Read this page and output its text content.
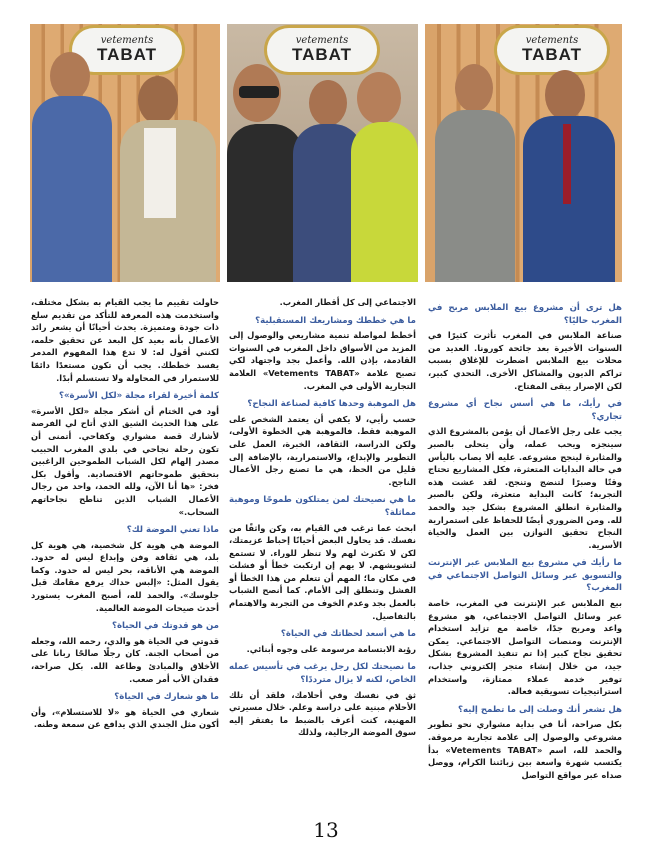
vetements
TABAT
vetements
TABAT
vetements
TABAT

هل ترى أن مشروع بيع الملابس مربح في المغرب حاليًا؟

صناعة الملابس في المغرب تأثرت كثيرًا في السنوات الأخيرة بعد جائحة كورونا. العديد من محلات بيع الملابس اضطرت للإغلاق بسبب تراكم الديون والمشاكل الأخرى. التحدي كبير، لكن الإصرار يبقى المفتاح.

في رأيك، ما هي أسس نجاح أي مشروع تجاري؟

يجب على رجل الأعمال أن يؤمن بالمشروع الذي سينجزه ويحب عمله، وأن يتحلى بالصبر والمثابرة لينجح مشروعه. عليه ألا يصاب باليأس في حالة البدايات المتعثرة، فكل المشاريع تحتاج وقتًا وصبرًا لتنضج وتنجح. لقد عشت هذه التجربة؛ كانت البداية متعثرة، ولكن بالصبر والمثابرة انطلق المشروع بشكل جيد والحمد لله. ومن الضروري أيضًا للحفاظ على استمرارية النجاح تحقيق التوازن بين العمل والحياة الأسرية.

ما رأيك في مشروع بيع الملابس عبر الإنترنت والتسويق عبر وسائل التواصل الاجتماعي في المغرب؟

بيع الملابس عبر الإنترنت في المغرب، خاصة عبر وسائل التواصل الاجتماعي، هو مشروع واعد ومربح جدًا، خاصة مع تزايد استخدام الإنترنت ومنصات التواصل الاجتماعي. يمكن تحقيق نجاح كبير إذا تم تنفيذ المشروع بشكل جيد، من خلال إنشاء متجر إلكتروني جذاب، توفير خدمة عملاء ممتازة، واستخدام استراتيجيات تسويقية فعالة.

هل تشعر أنك وصلت إلى ما تطمح إليه؟

بكل صراحة، أنا في بداية مشواري نحو تطوير مشروعي والوصول إلى علامة تجارية مرموقة. والحمد لله، اسم «Vetements TABAT» بدأ يكتسب شهرة واسعة بين زبائننا الكرام، ووصل صداه عبر مواقع التواصل

الاجتماعي إلى كل أقطار المغرب.

ما هي خططك ومشاريعك المستقبلية؟

أخطط لمواصلة تنمية مشاريعي والوصول إلى المزيد من الأسواق داخل المغرب في السنوات القادمة، بإذن الله. وأعمل بجد واجتهاد لكي تصبح علامة «Vetements TABAT» العلامة التجارية الأولى في المغرب.

هل الموهبة وحدها كافية لصناعة النجاح؟

حسب رأيي، لا يكفي أن يعتمد الشخص على الموهبة فقط. فالموهبة هي الخطوة الأولى، ولكن الدراسة، الثقافة، الخبرة، العمل على التطوير والإبداع، والاستمرارية، بالإضافة إلى قليل من الحظ، هي ما تصنع رجل الأعمال الناجح.

ما هي نصيحتك لمن يمتلكون طموحًا وموهبة مماثلة؟

ابحث عما ترغب في القيام به، وكن واثقًا من نفسك. قد يحاول البعض أحيانًا إحباط عزيمتك، لكن لا تكترث لهم ولا تنظر للوراء. لا تستمع لتشويشهم. لا يهم إن ارتكبت خطأ أو فشلت في مكان ما؛ المهم أن تتعلم من هذا الخطأ أو الفشل وتنطلق إلى الأمام. كما أنصح الشباب بالعمل بجد وعدم الخوف من التجربة والاهتمام بالتفاصيل.

ما هي أسعد لحظاتك في الحياة؟

رؤية الابتسامة مرسومة على وجوه أبنائي.

ما نصيحتك لكل رجل يرغب في تأسيس عمله الخاص، لكنه لا يزال مترددًا؟

ثق في نفسك وفي أحلامك، فلقد أن تلك الأحلام مبنية على دراسة وعلم. خلال مسيرتي المهنية، كنت أعرف بالضبط ما يفتقر إليه سوق الموضة الرجالية، ولذلك

حاولت تقييم ما يجب القيام به بشكل مختلف، واستخدمت هذه المعرفة للتأكد من تقديم سلع ذات جودة ومتميزة. يحدث أحيانًا أن يشعر رائد الأعمال بأنه بعيد كل البعد عن تحقيق حلمه، لكنني أقول له: لا تدع هذا المفهوم المدمر يفسد خططك. يجب أن تكون مستعدًا دائمًا للاستمرار في المحاولة ولا تستسلم أبدًا.

كلمة أخيرة لقراء مجلة «لكل الأسرة»؟

أود في الختام أن أشكر مجلة «لكل الأسرة» على هذا الحديث الشيق الذي أتاح لي الفرصة لأشارك قصة مشواري وكفاحي. أتمنى أن تكون رحلة نجاحي في بلدي المغرب الحبيب مصدر إلهام لكل الشباب الطموحين الراغبين بتحقيق طموحاتهم الاقتصادية. وأقول بكل فخر: «ها أنا الآن، ولله الحمد، واحد من رجال الأعمال الشباب الذين تناطح نجاحاتهم السحاب.»

ماذا تعني الموضة لك؟

الموضة هي هوية كل شخصية، هي هوية كل بلد، هي ثقافة وفن وإبداع ليس له حدود. الموضة هي الأناقة، بحر ليس له حدود. وكما يقول المثل: «إلبس حداك يرفع مقامك قبل جلوسك». والحمد لله، أصبح المغرب يستورد أحدث صيحات الموضة العالمية.

من هو قدوتك في الحياة؟

قدوتي في الحياة هو والدي، رحمه الله، وجعله من أصحاب الجنة. كان رجلًا صالحًا ربانا على الأخلاق والمبادئ وطاعة الله. بكل صراحة، فقدان الأب أمر صعب.

ما هو شعارك في الحياة؟

شعاري في الحياة هو «لا للاستسلام»، وأن أكون مثل الجندي الذي يدافع عن سمعة وطنه.

13
